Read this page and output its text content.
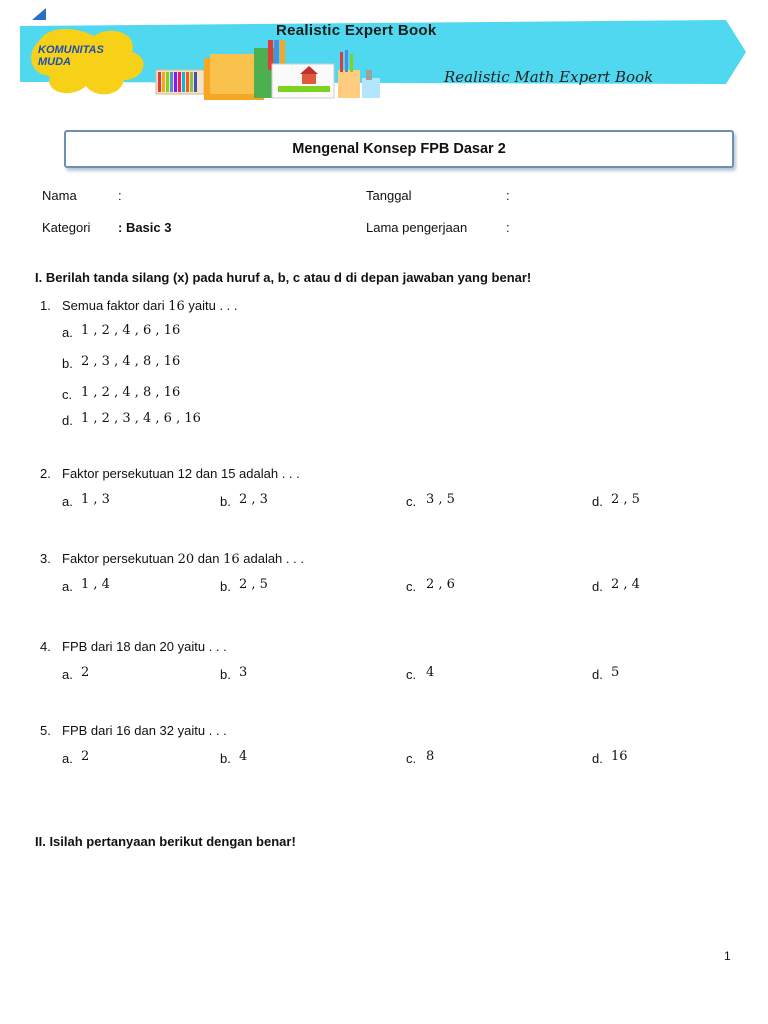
Realistic Expert Book
Realistic Math Expert Book
KOMUNITAS MUDA
Mengenal Konsep FPB Dasar 2
Nama	:	Tanggal	:
Kategori : Basic 3	Lama pengerjaan	:
I. Berilah tanda silang (x) pada huruf a, b, c atau d di depan jawaban yang benar!
1. Semua faktor dari 16 yaitu . . .
a. 1 , 2 , 4 , 6 , 16
b. 2 , 3 , 4 , 8 , 16
c. 1 , 2 , 4 , 8 , 16
d. 1 , 2 , 3 , 4 , 6 , 16
2. Faktor persekutuan 12 dan 15 adalah . . .
a. 1 , 3	b. 2 , 3	c. 3 , 5	d. 2 , 5
3. Faktor persekutuan 20 dan 16 adalah . . .
a. 1 , 4	b. 2 , 5	c. 2 , 6	d. 2 , 4
4. FPB dari 18 dan 20 yaitu . . .
a. 2	b. 3	c. 4	d. 5
5. FPB dari 16 dan 32 yaitu . . .
a. 2	b. 4	c. 8	d. 16
II. Isilah pertanyaan berikut dengan benar!
1
